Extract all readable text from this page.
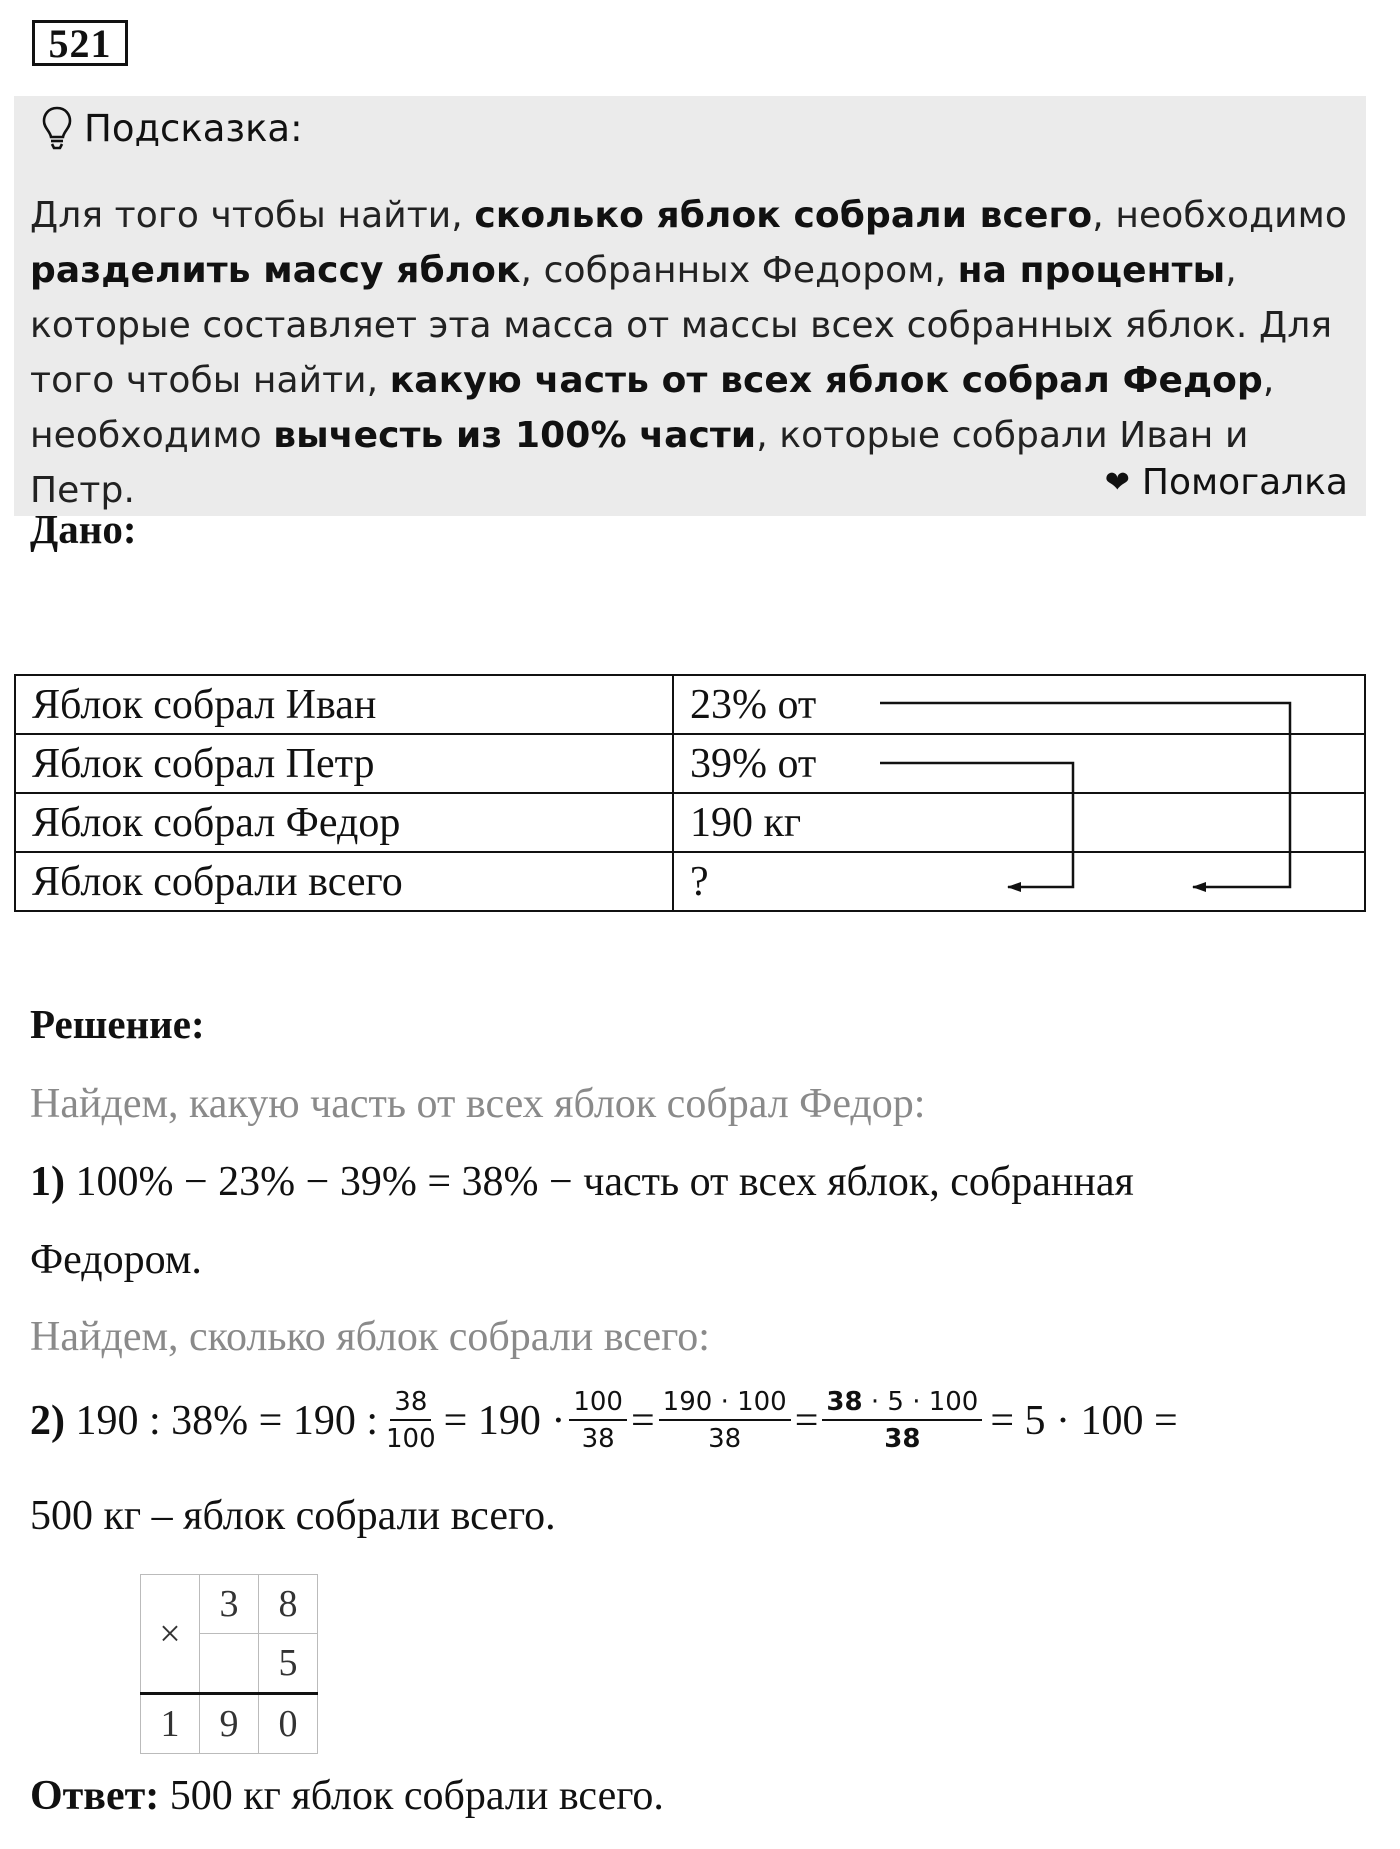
521
Подсказка:
Для того чтобы найти, сколько яблок собрали всего, необходимо разделить массу яблок, собранных Федором, на проценты, которые составляет эта масса от массы всех собранных яблок. Для того чтобы найти, какую часть от всех яблок собрал Федор, необходимо вычесть из 100% части, которые собрали Иван и Петр.	❤ Помогалка
Дано:
Яблок собрал Иван	23% от
Яблок собрал Петр	39% от
Яблок собрал Федор	190 кг
Яблок собрали всего	?
Решение:
Найдем, какую часть от всех яблок собрал Федор:
1) 100% − 23% − 39% = 38% − часть от всех яблок, собранная
Федором.
Найдем, сколько яблок собрали всего:
2) 190 : 38% = 190 : $\frac{38}{100} = 190 \cdot \frac{100}{38} = \frac{190 \cdot 100}{38} = \frac{38 \cdot 5 \cdot 100}{38} = 5 \cdot 100$ =
500 кг – яблок собрали всего.
×	3	8
		5
1	9	0
Ответ: 500 кг яблок собрали всего.
